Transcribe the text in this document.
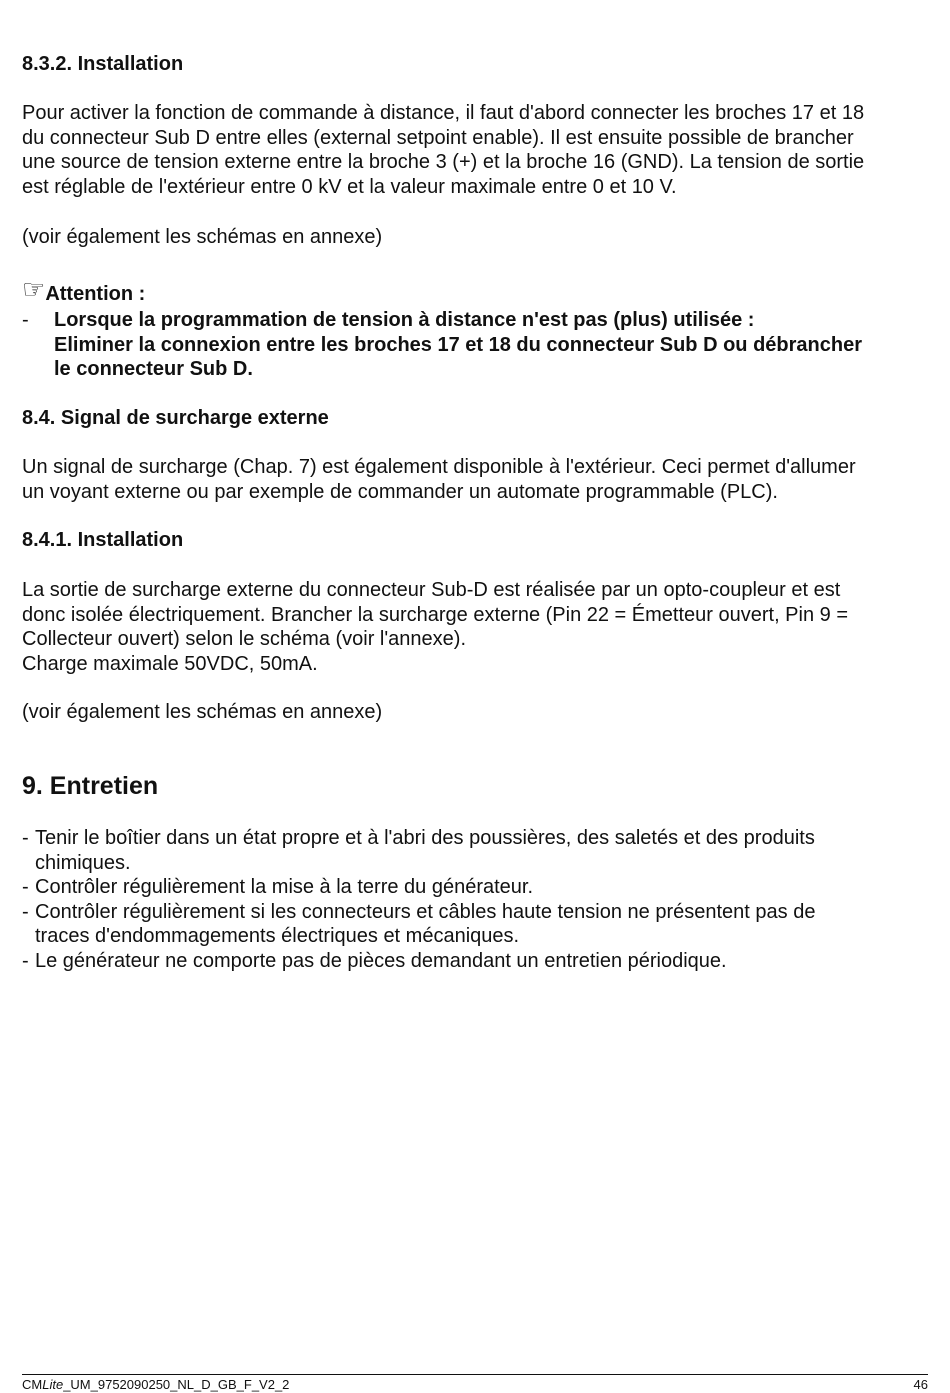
8.3.2. Installation
Pour activer la fonction de commande à distance, il faut d'abord connecter les broches 17 et 18
du connecteur Sub D entre elles (external setpoint enable). Il est ensuite possible de brancher
une source de tension externe entre la broche 3 (+) et la broche 16 (GND). La tension de sortie
est réglable de l'extérieur entre 0 kV et la valeur maximale entre 0 et 10 V.
(voir également les schémas en annexe)
☞Attention :
- Lorsque la programmation de tension à distance n'est pas (plus) utilisée :
Eliminer la connexion entre les broches 17 et 18 du connecteur Sub D ou débrancher
le connecteur Sub D.
8.4. Signal de surcharge externe
Un signal de surcharge (Chap. 7) est également disponible à l'extérieur. Ceci permet d'allumer
un voyant externe ou par exemple de commander un automate programmable (PLC).
8.4.1. Installation
La sortie de surcharge externe du connecteur Sub-D est réalisée par un opto-coupleur et est
donc isolée électriquement. Brancher la surcharge externe (Pin 22 = Émetteur ouvert, Pin 9 =
Collecteur ouvert) selon le schéma (voir l'annexe).
Charge maximale 50VDC, 50mA.
(voir également les schémas en annexe)
9. Entretien
- Tenir le boîtier dans un état propre et à l'abri des poussières, des saletés et des produits
chimiques.
- Contrôler régulièrement la mise à la terre du générateur.
- Contrôler régulièrement si les connecteurs et câbles haute tension ne présentent pas de
traces d'endommagements électriques et mécaniques.
- Le générateur ne comporte pas de pièces demandant un entretien périodique.
CMLite_UM_9752090250_NL_D_GB_F_V2_2	46
